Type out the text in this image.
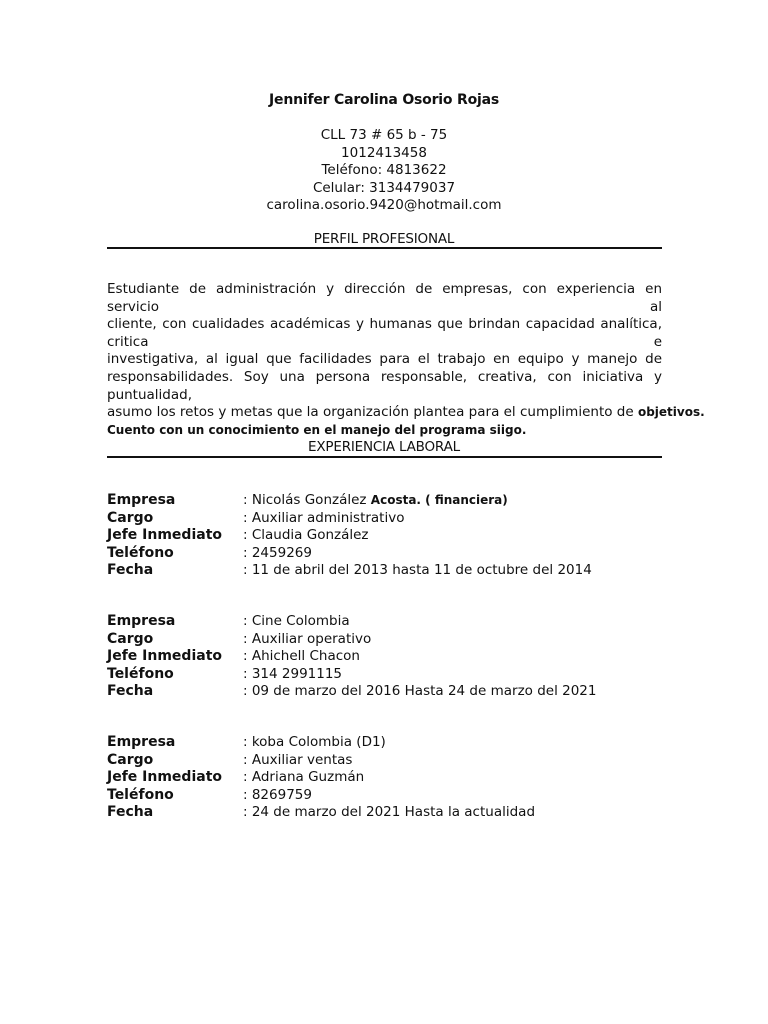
Jennifer Carolina Osorio Rojas
CLL 73 # 65 b - 75
1012413458
Teléfono: 4813622
Celular: 3134479037
carolina.osorio.9420@hotmail.com
PERFIL PROFESIONAL
Estudiante de administración y dirección de empresas, con experiencia en servicio al
cliente, con cualidades académicas y humanas que brindan capacidad analítica, critica e
investigativa, al igual que facilidades para el trabajo en equipo y manejo de
responsabilidades. Soy una persona responsable, creativa, con iniciativa y puntualidad,
asumo los retos y metas que la organización plantea para el cumplimiento de objetivos.
Cuento con un conocimiento en el manejo del programa siigo.
EXPERIENCIA LABORAL
Empresa	: Nicolás González Acosta. ( financiera)
Cargo	: Auxiliar administrativo
Jefe Inmediato	: Claudia González
Teléfono	: 2459269
Fecha	: 11 de abril del 2013 hasta 11 de octubre del 2014
Empresa	: Cine Colombia
Cargo	: Auxiliar operativo
Jefe Inmediato	: Ahichell Chacon
Teléfono	: 314 2991115
Fecha	: 09 de marzo del 2016 Hasta 24 de marzo del 2021
Empresa	: koba Colombia (D1)
Cargo	: Auxiliar ventas
Jefe Inmediato	: Adriana Guzmán
Teléfono	: 8269759
Fecha	: 24 de marzo del 2021 Hasta la actualidad
